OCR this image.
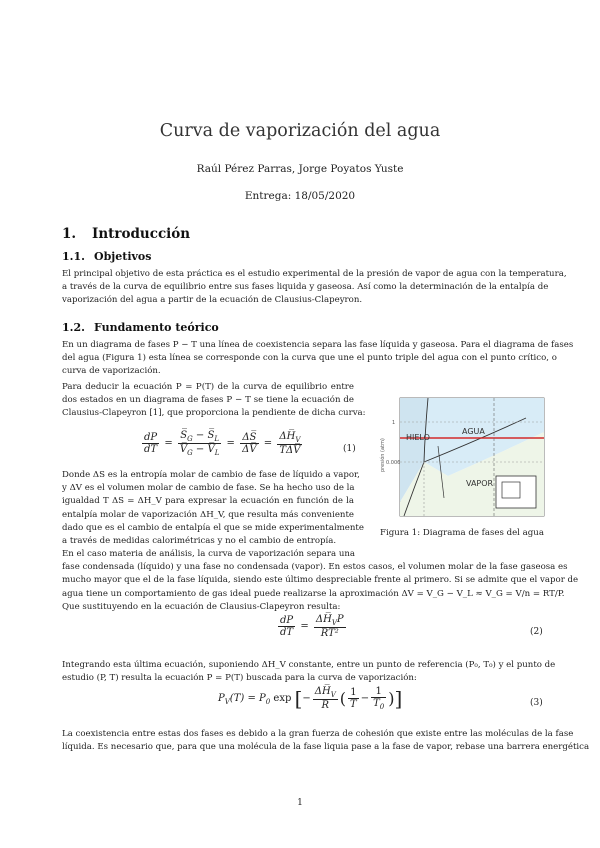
Curva de vaporización del agua
Raúl Pérez Parras, Jorge Poyatos Yuste
Entrega: 18/05/2020
1. Introducción
1.1. Objetivos
El principal objetivo de esta práctica es el estudio experimental de la presión de vapor de agua con la temperatura,
a través de la curva de equilibrio entre sus fases liquida y gaseosa. Así como la determinación de la entalpía de
vaporización del agua a partir de la ecuación de Clausius-Clapeyron.
1.2. Fundamento teórico
En un diagrama de fases P − T una línea de coexistencia separa las fase líquida y gaseosa. Para el diagrama de fases
del agua (Figura 1) esta línea se corresponde con la curva que une el punto triple del agua con el punto crítico, o
curva de vaporización.
Para deducir la ecuación P = P(T) de la curva de equilibrio entre
dos estados en un diagrama de fases P − T se tiene la ecuación de
Clausius-Clapeyron [1], que proporciona la pendiente de dicha curva:
$\frac{dP}{dT} = \frac{S̅_G - S̅_L}{V̅_G - V̅_L} = \frac{\Delta S̅}{\Delta V̅} = \frac{\Delta H̅_V}{\text{TΔV̅}}$	(1)
Donde ΔS es la entropía molar de cambio de fase de líquido a vapor,
y ΔV es el volumen molar de cambio de fase. Se ha hecho uso de la
igualdad T ΔS = ΔH_V para expresar la ecuación en función de la
entalpía molar de vaporización ΔH_V, que resulta más conveniente
dado que es el cambio de entalpía el que se mide experimentalmente
a través de medidas calorimétricas y no el cambio de entropía.
HIELO
AGUA
VAPOR
1
0.006
presión (atm)
Figura 1: Diagrama de fases del agua
En el caso materia de análisis, la curva de vaporización separa una
fase condensada (líquido) y una fase no condensada (vapor). En estos casos, el volumen molar de la fase gaseosa es
mucho mayor que el de la fase líquida, siendo este último despreciable frente al primero. Si se admite que el vapor de
agua tiene un comportamiento de gas ideal puede realizarse la aproximación ΔV = V_G − V_L ≈ V_G = V/n = RT/P.
Que sustituyendo en la ecuación de Clausius-Clapeyron resulta:
$\frac{dP}{dT} = \frac{\Delta H̅_VP}{\text{RT²}}$	(2)
Integrando esta última ecuación, suponiendo ΔH_V constante, entre un punto de referencia (P₀, T₀) y el punto de
estudio (P, T) resulta la ecuación P = P(T) buscada para la curva de vaporización:
$P_V(T) = P_0$ exp [− $\frac{\Delta H̅_V}{R}$ ( $\frac{1}{T} - \frac{1}{T_0}$ )]	(3)
La coexistencia entre estas dos fases es debido a la gran fuerza de cohesión que existe entre las moléculas de la fase
líquida. Es necesario que, para que una molécula de la fase liquia pase a la fase de vapor, rebase una barrera energética
1
